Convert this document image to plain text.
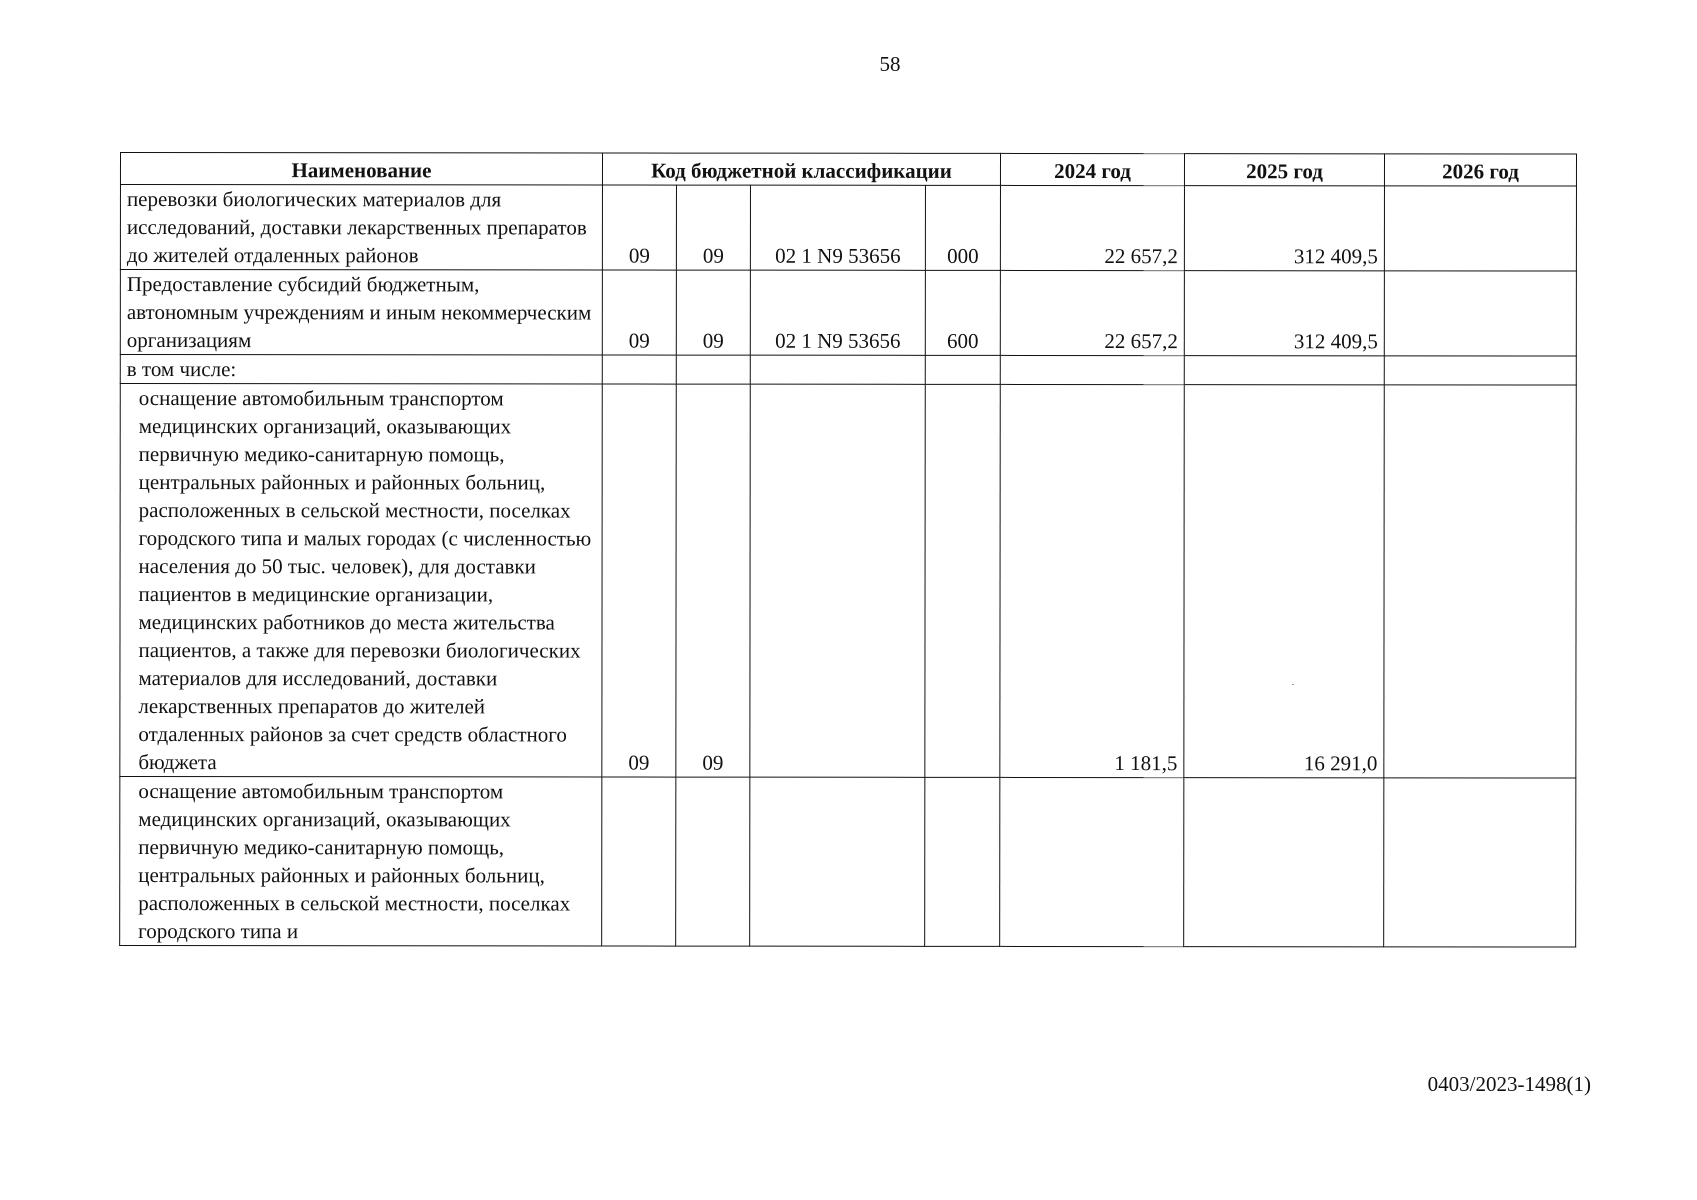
58
Наименование	Код бюджетной классификации				2024 год	2025 год	2026 год
перевозки биологических материалов для исследований, доставки лекарственных препаратов до жителей отдаленных районов	09	09	02 1 N9 53656	000	22 657,2	312 409,5	
Предоставление субсидий бюджетным, автономным учреждениям и иным некоммерческим организациям	09	09	02 1 N9 53656	600	22 657,2	312 409,5	
в том числе:							
оснащение автомобильным транспортом медицинских организаций, оказывающих первичную медико-санитарную помощь, центральных районных и районных больниц, расположенных в сельской местности, поселках городского типа и малых городах (с численностью населения до 50 тыс. человек), для доставки пациентов в медицинские организации, медицинских работников до места жительства пациентов, а также для перевозки биологических материалов для исследований, доставки лекарственных препаратов до жителей отдаленных районов за счет средств областного бюджета	09	09			1 181,5	16 291,0	

оснащение автомобильным транспортом медицинских организаций, оказывающих первичную медико-санитарную помощь, центральных районных и районных больниц, расположенных в сельской местности, поселках городского типа и							

0403/2023-1498(1)
